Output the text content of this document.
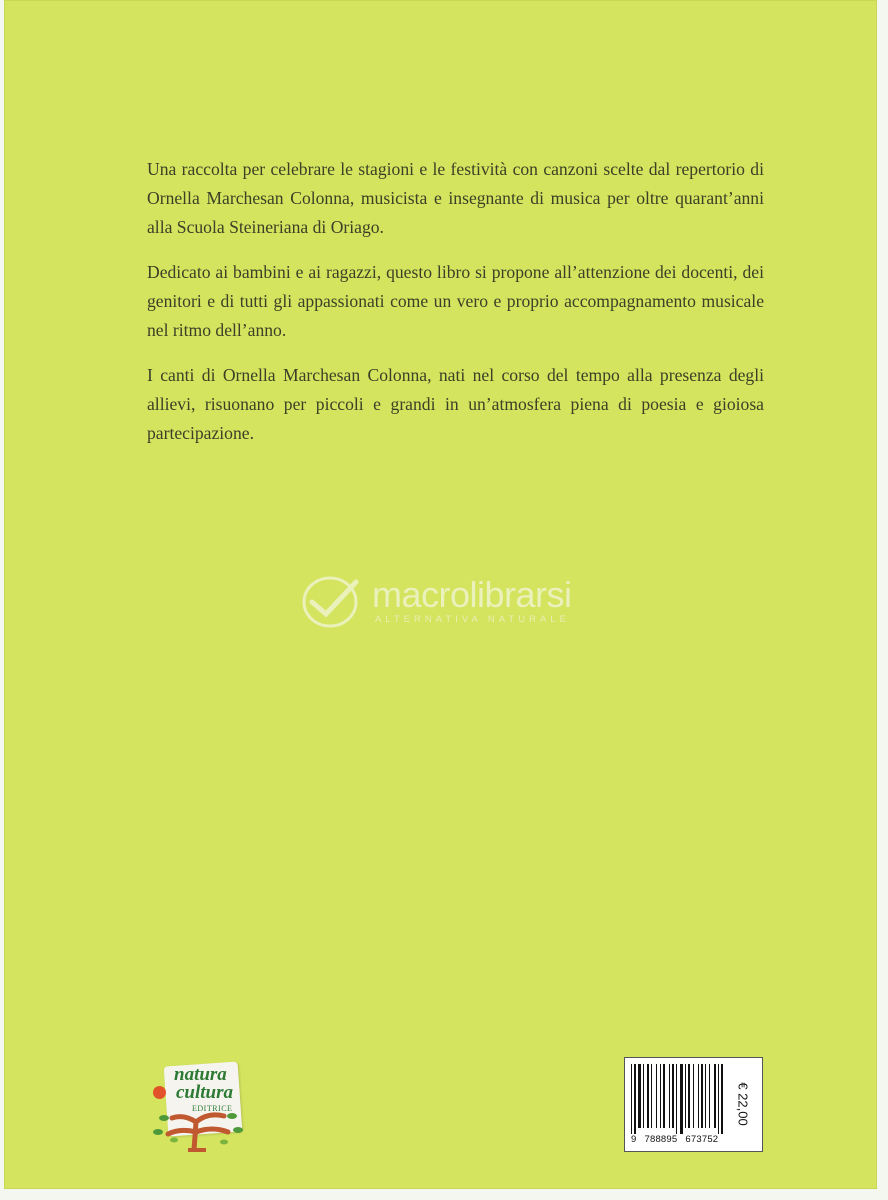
Una raccolta per celebrare le stagioni e le festività con canzoni scelte dal repertorio di Ornella Marchesan Colonna, musicista e insegnante di musica per oltre quarant’anni alla Scuola Steineriana di Oriago.

Dedicato ai bambini e ai ragazzi, questo libro si propone all’attenzione dei docenti, dei genitori e di tutti gli appassionati come un vero e proprio accompagnamento musicale nel ritmo dell’anno.

I canti di Ornella Marchesan Colonna, nati nel corso del tempo alla presenza degli allievi, risuonano per piccoli e grandi in un’atmosfera piena di poesia e gioiosa partecipazione.

macrolibrarsi
ALTERNATIVA NATURALE
natura
cultura
EDITRICE
9 788895 673752
€ 22,00
